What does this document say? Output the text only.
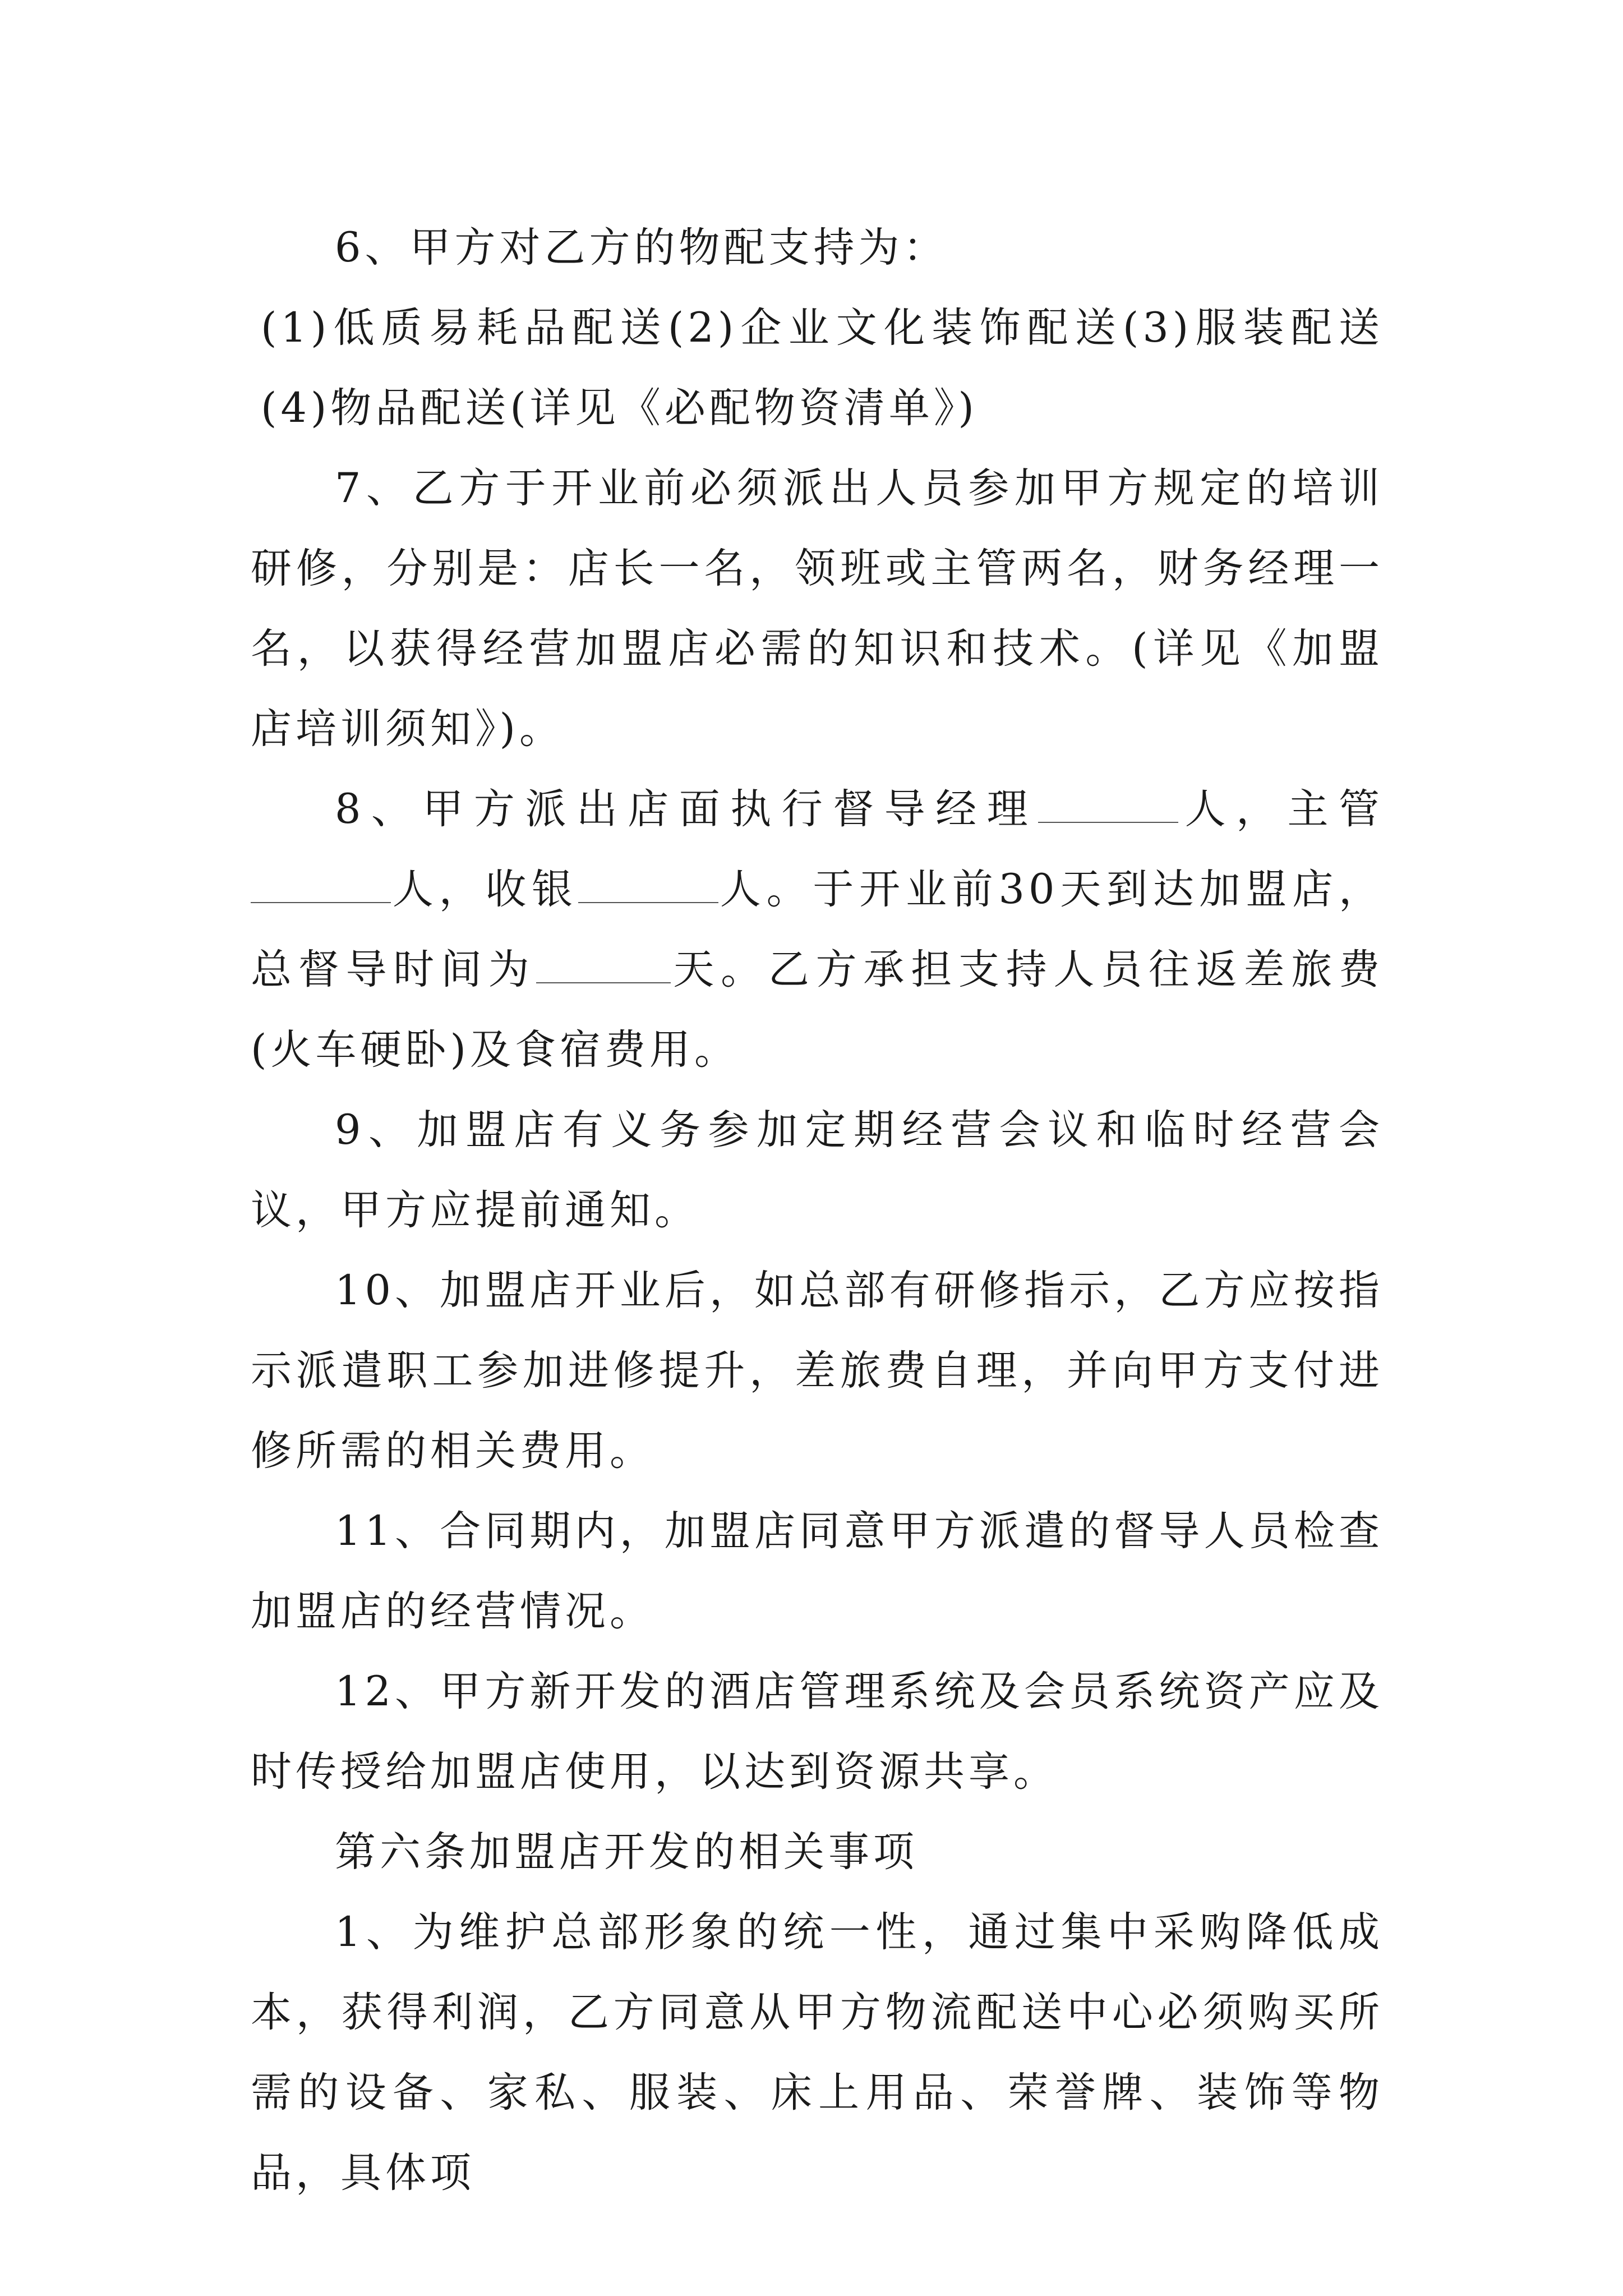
6、甲方对乙方的物配支持为：

(1)低质易耗品配送(2)企业文化装饰配送(3)服装配送(4)物品配送(详见《必配物资清单》)

7、乙方于开业前必须派出人员参加甲方规定的培训研修，分别是：店长一名，领班或主管两名，财务经理一名，以获得经营加盟店必需的知识和技术。(详见《加盟店培训须知》)。

8、甲方派出店面执行督导经理	人，主管人，收银	人。于开业前30天到达加盟店，总督导时间为	天。乙方承担支持人员往返差旅费(火车硬卧)及食宿费用。

9、加盟店有义务参加定期经营会议和临时经营会议，甲方应提前通知。

10、加盟店开业后，如总部有研修指示，乙方应按指示派遣职工参加进修提升，差旅费自理，并向甲方支付进修所需的相关费用。

11、合同期内，加盟店同意甲方派遣的督导人员检查加盟店的经营情况。

12、甲方新开发的酒店管理系统及会员系统资产应及时传授给加盟店使用，以达到资源共享。

第六条加盟店开发的相关事项

1、为维护总部形象的统一性，通过集中采购降低成本，获得利润，乙方同意从甲方物流配送中心必须购买所需的设备、家私、服装、床上用品、荣誉牌、装饰等物品，具体项
